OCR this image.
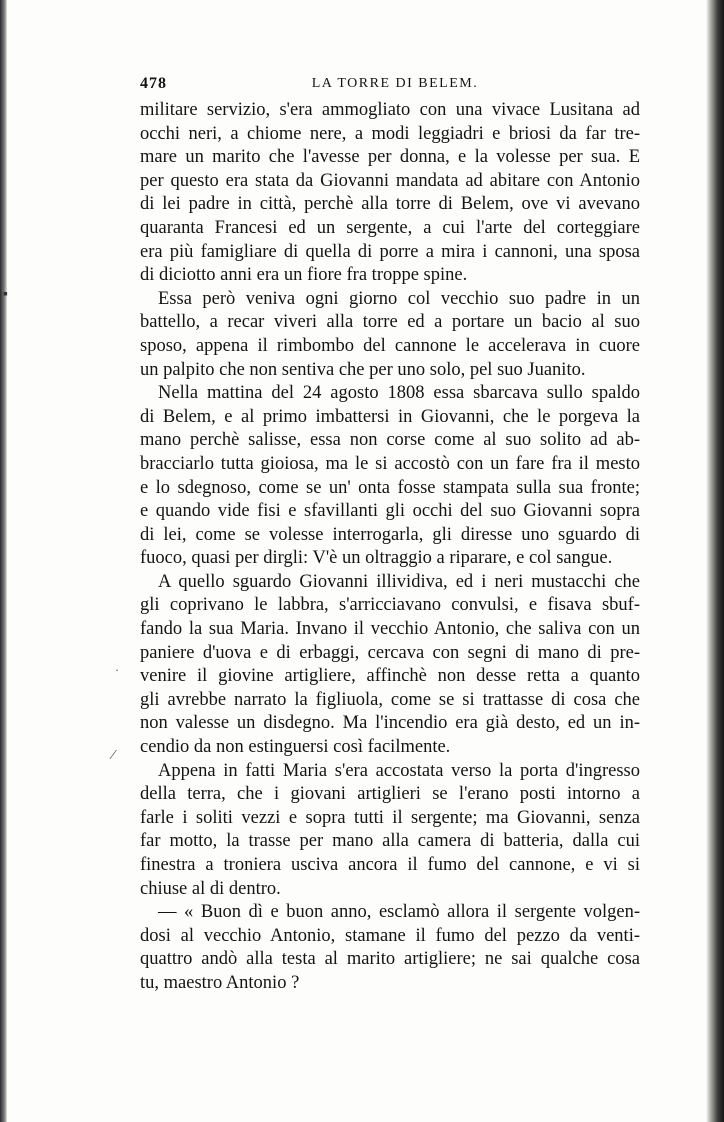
▪
·
⁄
478	LA TORRE DI BELEM.

militare servizio, s'era ammogliato con una vivace Lusitana ad
occhi neri, a chiome nere, a modi leggiadri e briosi da far tre-
mare un marito che l'avesse per donna, e la volesse per sua. E
per questo era stata da Giovanni mandata ad abitare con Antonio
di lei padre in città, perchè alla torre di Belem, ove vi avevano
quaranta Francesi ed un sergente, a cui l'arte del corteggiare
era più famigliare di quella di porre a mira i cannoni, una sposa
di diciotto anni era un fiore fra troppe spine.

Essa però veniva ogni giorno col vecchio suo padre in un
battello, a recar viveri alla torre ed a portare un bacio al suo
sposo, appena il rimbombo del cannone le accelerava in cuore
un palpito che non sentiva che per uno solo, pel suo Juanito.

Nella mattina del 24 agosto 1808 essa sbarcava sullo spaldo
di Belem, e al primo imbattersi in Giovanni, che le porgeva la
mano perchè salisse, essa non corse come al suo solito ad ab-
bracciarlo tutta gioiosa, ma le si accostò con un fare fra il mesto
e lo sdegnoso, come se un' onta fosse stampata sulla sua fronte;
e quando vide fisi e sfavillanti gli occhi del suo Giovanni sopra
di lei, come se volesse interrogarla, gli diresse uno sguardo di
fuoco, quasi per dirgli: V'è un oltraggio a riparare, e col sangue.

A quello sguardo Giovanni illividiva, ed i neri mustacchi che
gli coprivano le labbra, s'arricciavano convulsi, e fisava sbuf-
fando la sua Maria. Invano il vecchio Antonio, che saliva con un
paniere d'uova e di erbaggi, cercava con segni di mano di pre-
venire il giovine artigliere, affinchè non desse retta a quanto
gli avrebbe narrato la figliuola, come se si trattasse di cosa che
non valesse un disdegno. Ma l'incendio era già desto, ed un in-
cendio da non estinguersi così facilmente.

Appena in fatti Maria s'era accostata verso la porta d'ingresso
della terra, che i giovani artiglieri se l'erano posti intorno a
farle i soliti vezzi e sopra tutti il sergente; ma Giovanni, senza
far motto, la trasse per mano alla camera di batteria, dalla cui
finestra a troniera usciva ancora il fumo del cannone, e vi si
chiuse al di dentro.

— « Buon dì e buon anno, esclamò allora il sergente volgen-
dosi al vecchio Antonio, stamane il fumo del pezzo da venti-
quattro andò alla testa al marito artigliere; ne sai qualche cosa
tu, maestro Antonio ?
